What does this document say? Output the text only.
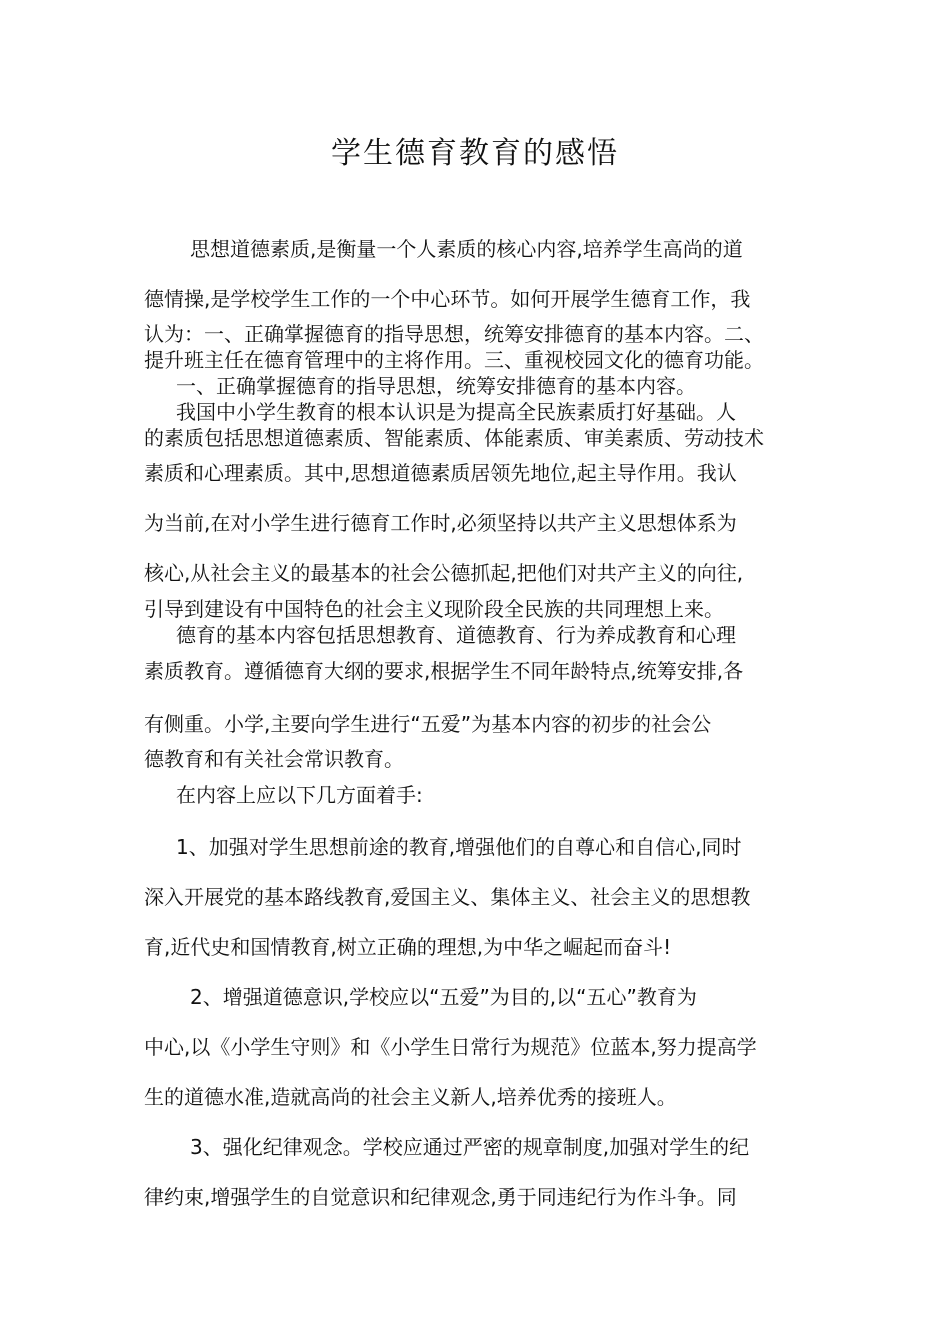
学生德育教育的感悟
思想道德素质,是衡量一个人素质的核心内容,培养学生高尚的道
德情操,是学校学生工作的一个中心环节。如何开展学生德育工作，我
认为：一、正确掌握德育的指导思想，统筹安排德育的基本内容。二、
提升班主任在德育管理中的主将作用。三、重视校园文化的德育功能。
一、正确掌握德育的指导思想，统筹安排德育的基本内容。
我国中小学生教育的根本认识是为提高全民族素质打好基础。人
的素质包括思想道德素质、智能素质、体能素质、审美素质、劳动技术
素质和心理素质。其中,思想道德素质居领先地位,起主导作用。我认
为当前,在对小学生进行德育工作时,必须坚持以共产主义思想体系为
核心,从社会主义的最基本的社会公德抓起,把他们对共产主义的向往,
引导到建设有中国特色的社会主义现阶段全民族的共同理想上来。
德育的基本内容包括思想教育、道德教育、行为养成教育和心理
素质教育。遵循德育大纲的要求,根据学生不同年龄特点,统筹安排,各
有侧重。小学,主要向学生进行“五爱”为基本内容的初步的社会公
德教育和有关社会常识教育。
在内容上应以下几方面着手:
1、加强对学生思想前途的教育,增强他们的自尊心和自信心,同时
深入开展党的基本路线教育,爱国主义、集体主义、社会主义的思想教
育,近代史和国情教育,树立正确的理想,为中华之崛起而奋斗!
2、增强道德意识,学校应以“五爱”为目的,以“五心”教育为
中心,以《小学生守则》和《小学生日常行为规范》位蓝本,努力提高学
生的道德水准,造就高尚的社会主义新人,培养优秀的接班人。
3、强化纪律观念。学校应通过严密的规章制度,加强对学生的纪
律约束,增强学生的自觉意识和纪律观念,勇于同违纪行为作斗争。同
